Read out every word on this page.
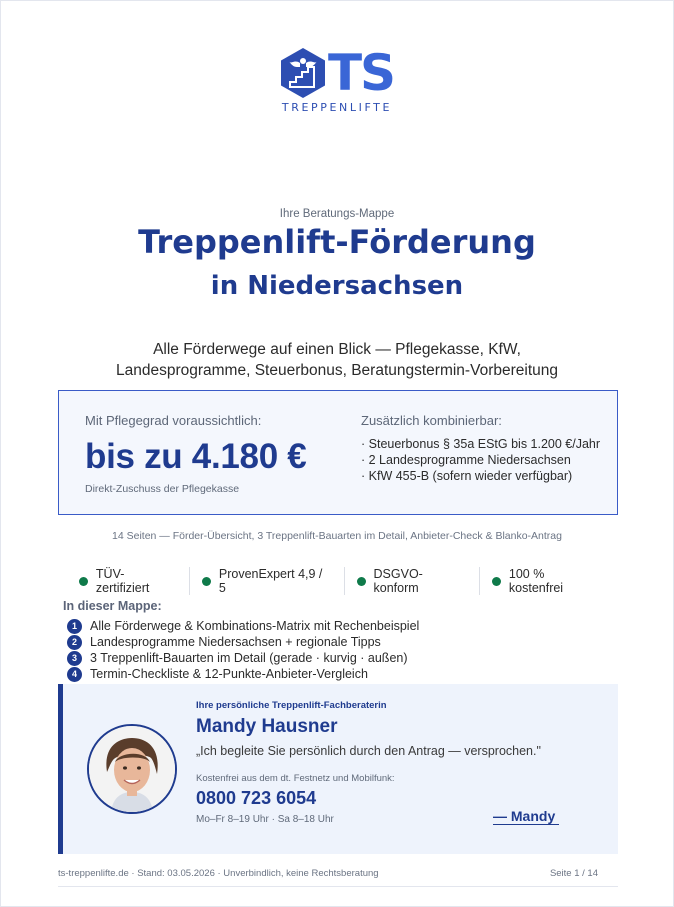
TS
TREPPENLIFTE
Ihre Beratungs-Mappe
Treppenlift-Förderung
in Niedersachsen

Alle Förderwege auf einen Blick — Pflegekasse, KfW,
Landesprogramme, Steuerbonus, Beratungstermin-Vorbereitung

Mit Pflegegrad voraussichtlich:
bis zu 4.180 €
Direkt-Zuschuss der Pflegekasse
Zusätzlich kombinierbar:
· Steuerbonus § 35a EStG bis 1.200 €/Jahr
· 2 Landesprogramme Niedersachsen
· KfW 455-B (sofern wieder verfügbar)
14 Seiten — Förder-Übersicht, 3 Treppenlift-Bauarten im Detail, Anbieter-Check & Blanko-Antrag
TÜV-zertifiziert
ProvenExpert 4,9 / 5
DSGVO-konform
100 % kostenfrei
In dieser Mappe:
1	Alle Förderwege & Kombinations-Matrix mit Rechenbeispiel
2	Landesprogramme Niedersachsen + regionale Tipps
3	3 Treppenlift-Bauarten im Detail (gerade · kurvig · außen)
4	Termin-Checkliste & 12-Punkte-Anbieter-Vergleich
Ihre persönliche Treppenlift-Fachberaterin
Mandy Hausner
„Ich begleite Sie persönlich durch den Antrag — versprochen."
Kostenfrei aus dem dt. Festnetz und Mobilfunk:
0800 723 6054
Mo–Fr 8–19 Uhr · Sa 8–18 Uhr	— Mandy
ts-treppenlifte.de · Stand: 03.05.2026 · Unverbindlich, keine Rechtsberatung	Seite 1 / 14
